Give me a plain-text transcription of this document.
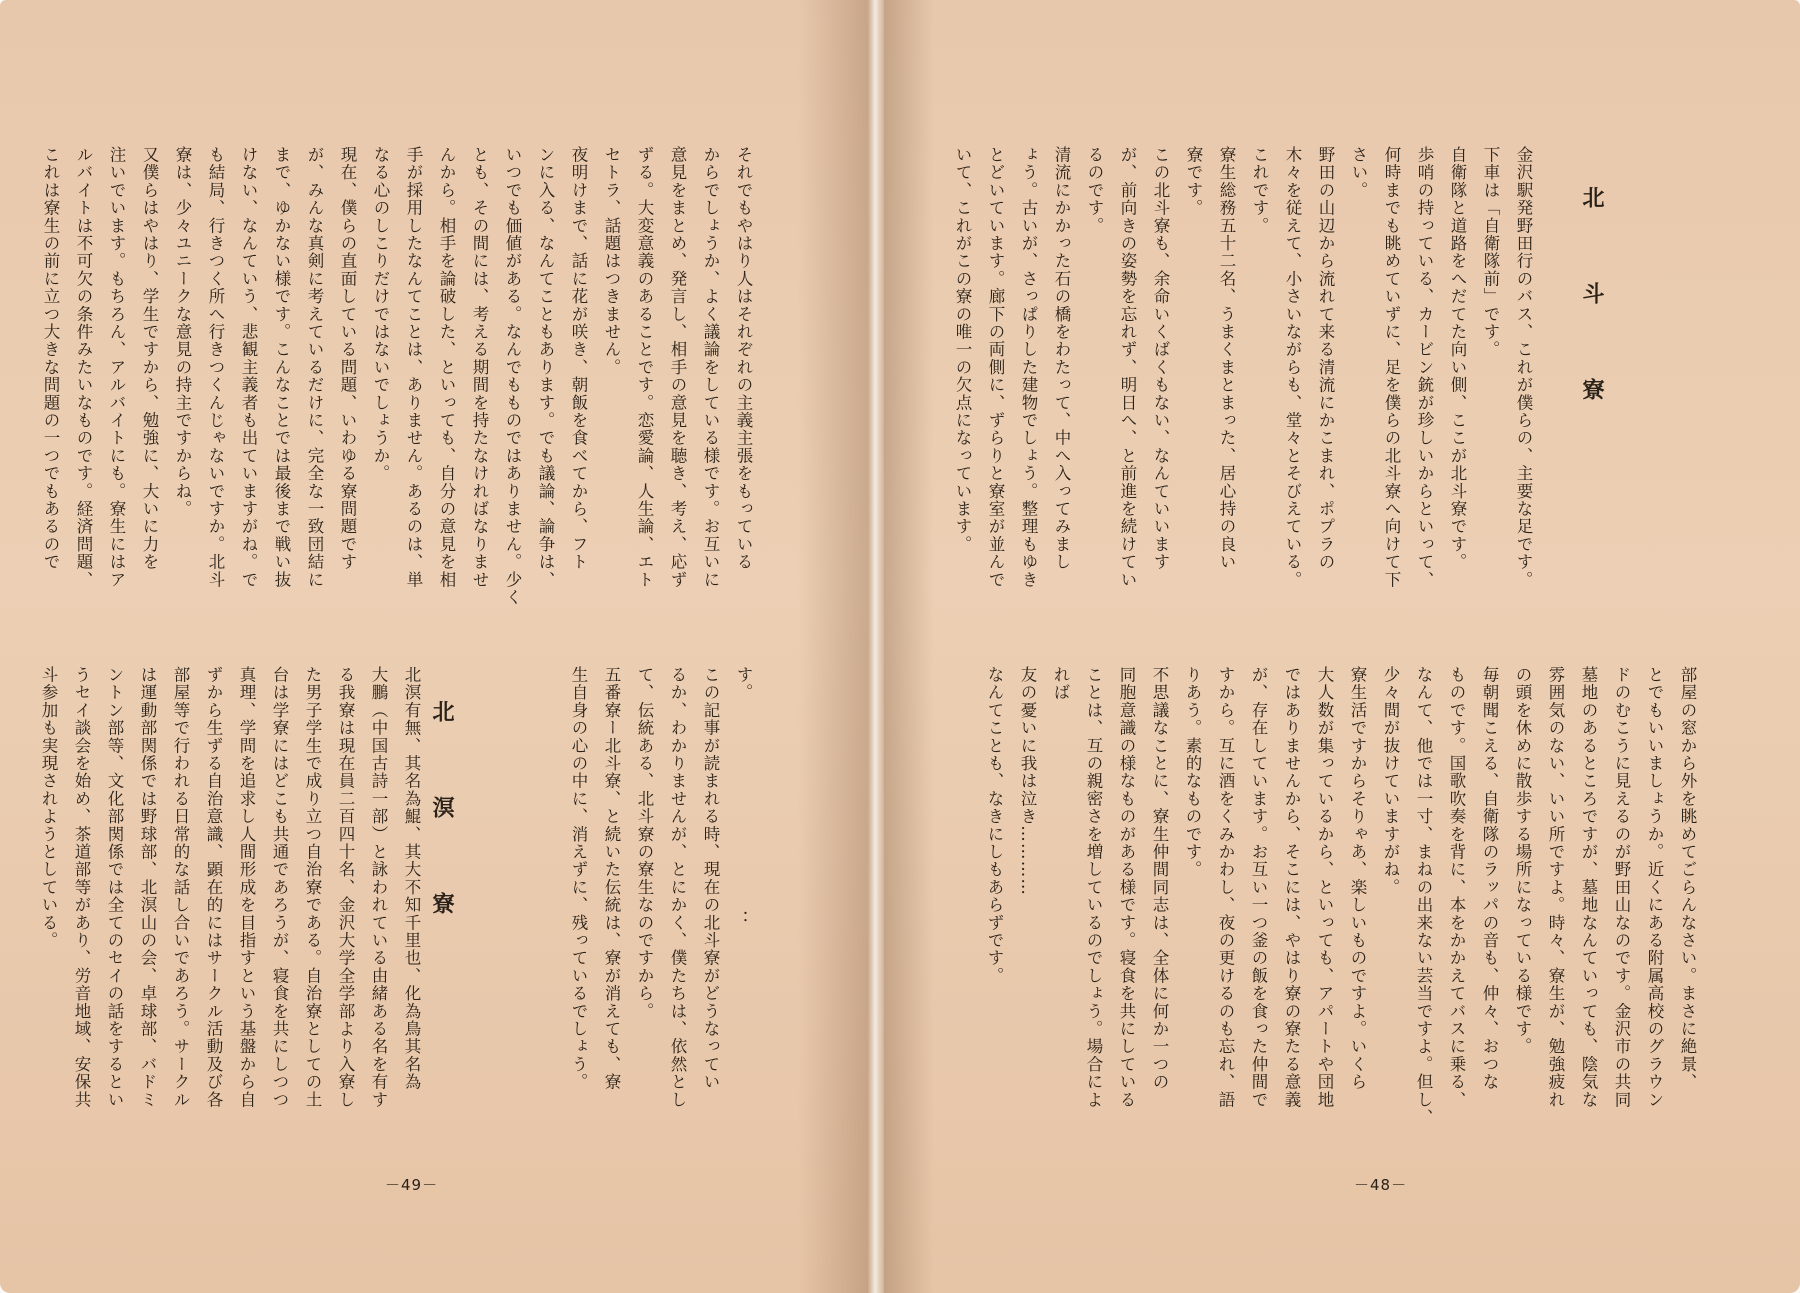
それでもやはり人はそれぞれの主義主張をもっている

からでしょうか、よく議論をしている様です。お互いに

意見をまとめ、発言し、相手の意見を聴き、考え、応ず

ずる。大変意義のあることです。恋愛論、人生論、エト

セトラ、話題はつきません。

夜明けまで、話に花が咲き、朝飯を食べてから、フト

ンに入る、なんてこともあります。でも議論、論争は、

いつでも価値がある。なんでもものではありません。少く

とも、その間には、考える期間を持たなければなりませ

んから。相手を論破した、といっても、自分の意見を相

手が採用したなんてことは、ありません。あるのは、単

なる心のしこりだけではないでしょうか。

現在、僕らの直面している問題、いわゆる寮問題です

が、みんな真剣に考えているだけに、完全な一致団結に

まで、ゆかない様です。こんなことでは最後まで戦い抜

けない、なんていう、悲観主義者も出ていますがね。で

も結局、行きつく所へ行きつくんじゃないですか。北斗

寮は、少々ユニークな意見の持主ですからね。

又僕らはやはり、学生ですから、勉強に、大いに力を

注いでいます。もちろん、アルバイトにも。寮生にはア

ルバイトは不可欠の条件みたいなものです。経済問題、

これは寮生の前に立つ大きな問題の一つでもあるので

す。

この記事が読まれる時、現在の北斗寮がどうなってい

るか、わかりませんが、とにかく、僕たちは、依然とし

て、伝統ある、北斗寮の寮生なのですから。

五番寮ー北斗寮、と続いた伝統は、寮が消えても、寮

生自身の心の中に、消えずに、残っているでしょう。	：
北　溟　寮

北溟有無、其名為鯤、其大不知千里也、化為鳥其名為

大鵬（中国古詩一部）と詠われている由緒ある名を有す

る我寮は現在員二百四十名、金沢大学全学部より入寮し

た男子学生で成り立つ自治寮である。自治寮としての土

台は学寮にはどこも共通であろうが、寝食を共にしつつ

真理、学問を追求し人間形成を目指すという基盤から自

ずから生ずる自治意識、顕在的にはサークル活動及び各

部屋等で行われる日常的な話し合いであろう。サークル

は運動部関係では野球部、北溟山の会、卓球部、バドミ

ントン部等、文化部関係では全てのセイの話をするとい

うセイ談会を始め、茶道部等があり、労音地域、安保共

斗参加も実現されようとしている。

－49－
北　斗　寮

金沢駅発野田行のバス、これが僕らの、主要な足です。

下車は「自衛隊前」です。

自衛隊と道路をへだてた向い側、ここが北斗寮です。

歩哨の持っている、カービン銃が珍しいからといって、

何時までも眺めていずに、足を僕らの北斗寮へ向けて下

さい。

野田の山辺から流れて来る清流にかこまれ、ポプラの

木々を従えて、小さいながらも、堂々とそびえている。

これです。

寮生総務五十二名、うまくまとまった、居心持の良い

寮です。

この北斗寮も、余命いくばくもない、なんていいます

が、前向きの姿勢を忘れず、明日へ、と前進を続けてい

るのです。

清流にかかった石の橋をわたって、中へ入ってみまし

ょう。古いが、さっぱりした建物でしょう。整理もゆき

とどいています。廊下の両側に、ずらりと寮室が並んで

いて、これがこの寮の唯一の欠点になっています。

部屋の窓から外を眺めてごらんなさい。まさに絶景、

とでもいいましょうか。近くにある附属高校のグラウン

ドのむこうに見えるのが野田山なのです。金沢市の共同

墓地のあるところですが、墓地なんていっても、陰気な

雰囲気のない、いい所ですよ。時々、寮生が、勉強疲れ

の頭を休めに散歩する場所になっている様です。

毎朝聞こえる、自衛隊のラッパの音も、仲々、おつな

ものです。国歌吹奏を背に、本をかかえてバスに乗る、

なんて、他では一寸、まねの出来ない芸当ですよ。但し、

少々間が抜けていますがね。

寮生活ですからそりゃあ、楽しいものですよ。いくら

大人数が集っているから、といっても、アパートや団地

ではありませんから、そこには、やはり寮の寮たる意義

が、存在しています。お互い一つ釜の飯を食った仲間で

すから。互に酒をくみかわし、夜の更けるのも忘れ、語

りあう。素的なものです。

不思議なことに、寮生仲間同志は、全体に何か一つの

同胞意識の様なものがある様です。寝食を共にしている

ことは、互の親密さを増しているのでしょう。場合によ

れば

友の憂いに我は泣き…………

なんてことも、なきにしもあらずです。

－48－
